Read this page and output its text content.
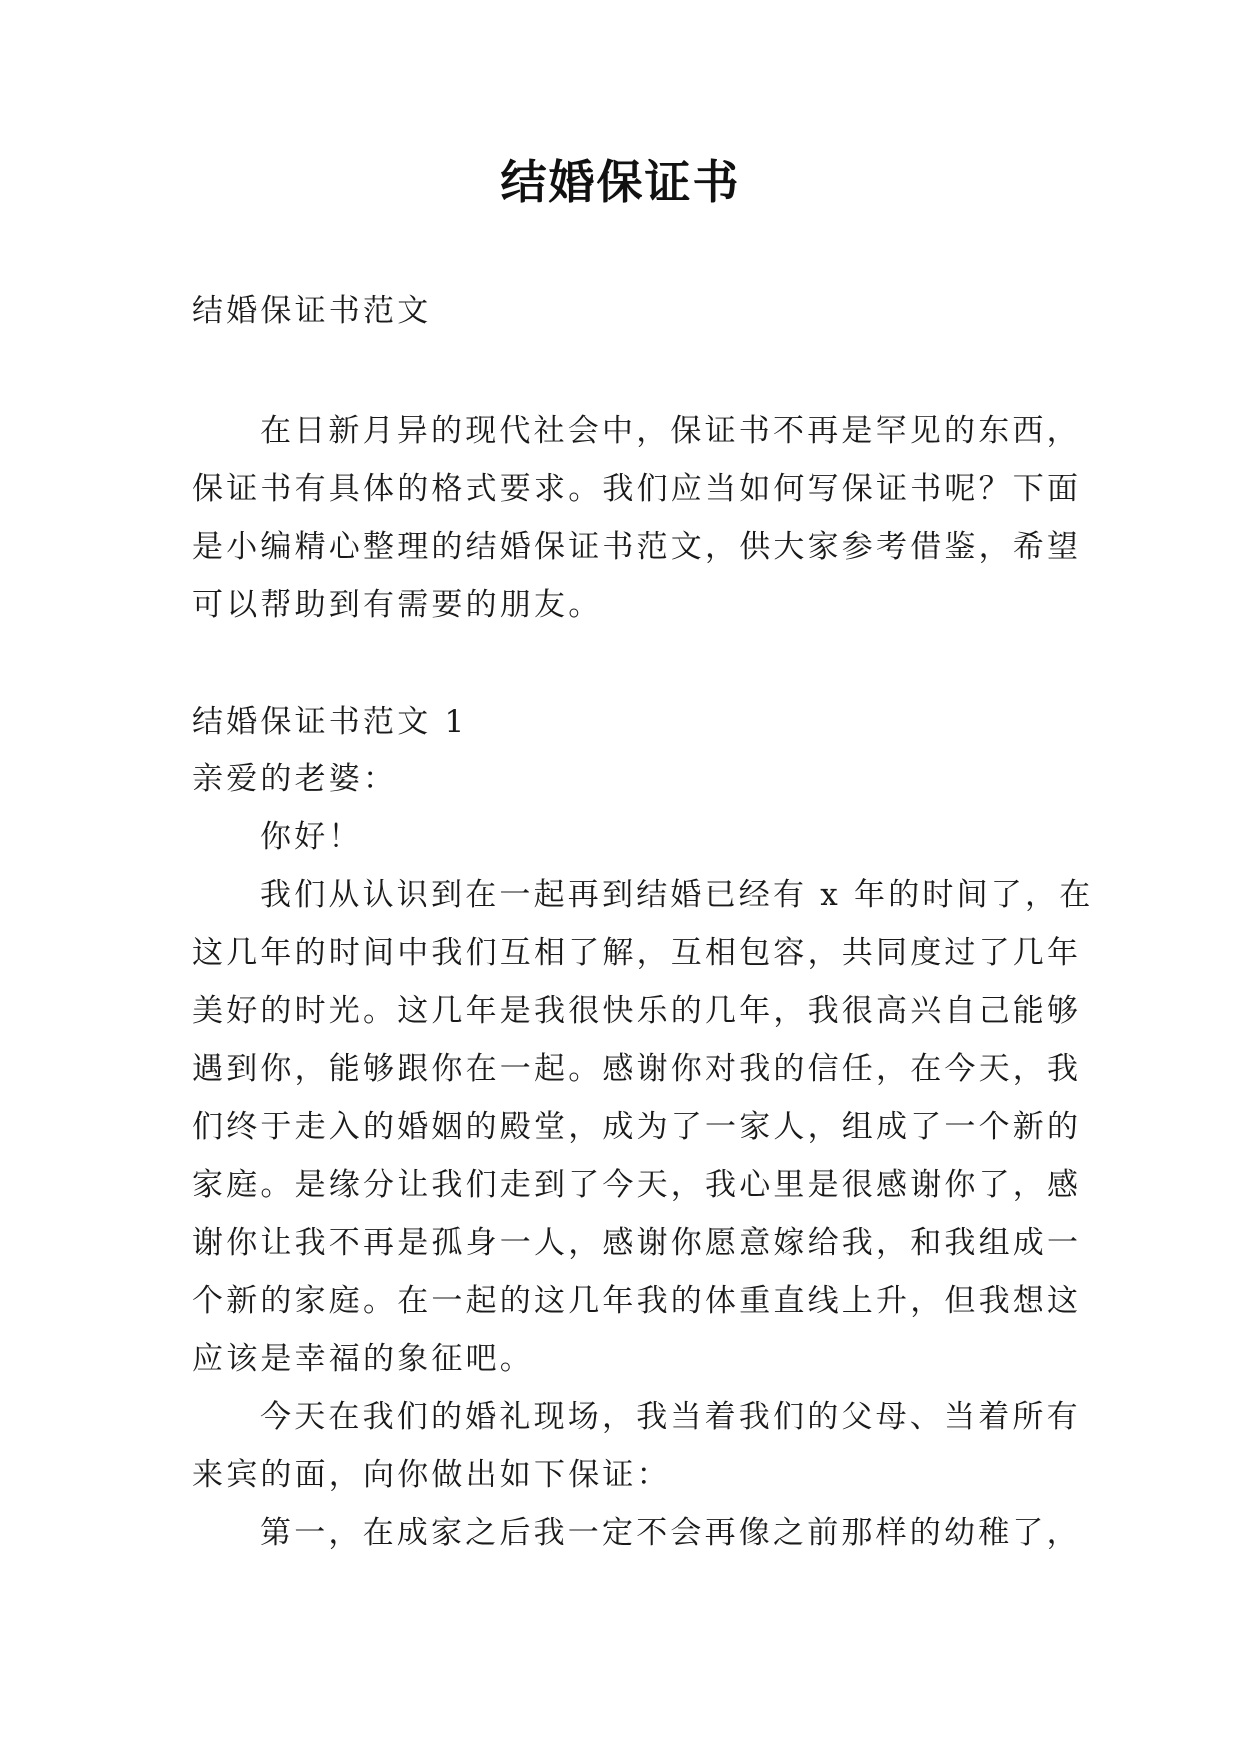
结婚保证书
结婚保证书范文
在日新月异的现代社会中，保证书不再是罕见的东西，
保证书有具体的格式要求。我们应当如何写保证书呢？下面
是小编精心整理的结婚保证书范文，供大家参考借鉴，希望
可以帮助到有需要的朋友。
结婚保证书范文 1
亲爱的老婆：
你好！
我们从认识到在一起再到结婚已经有 x 年的时间了，在
这几年的时间中我们互相了解，互相包容，共同度过了几年
美好的时光。这几年是我很快乐的几年，我很高兴自己能够
遇到你，能够跟你在一起。感谢你对我的信任，在今天，我
们终于走入的婚姻的殿堂，成为了一家人，组成了一个新的
家庭。是缘分让我们走到了今天，我心里是很感谢你了，感
谢你让我不再是孤身一人，感谢你愿意嫁给我，和我组成一
个新的家庭。在一起的这几年我的体重直线上升，但我想这
应该是幸福的象征吧。
今天在我们的婚礼现场，我当着我们的父母、当着所有
来宾的面，向你做出如下保证：
第一，在成家之后我一定不会再像之前那样的幼稚了，
